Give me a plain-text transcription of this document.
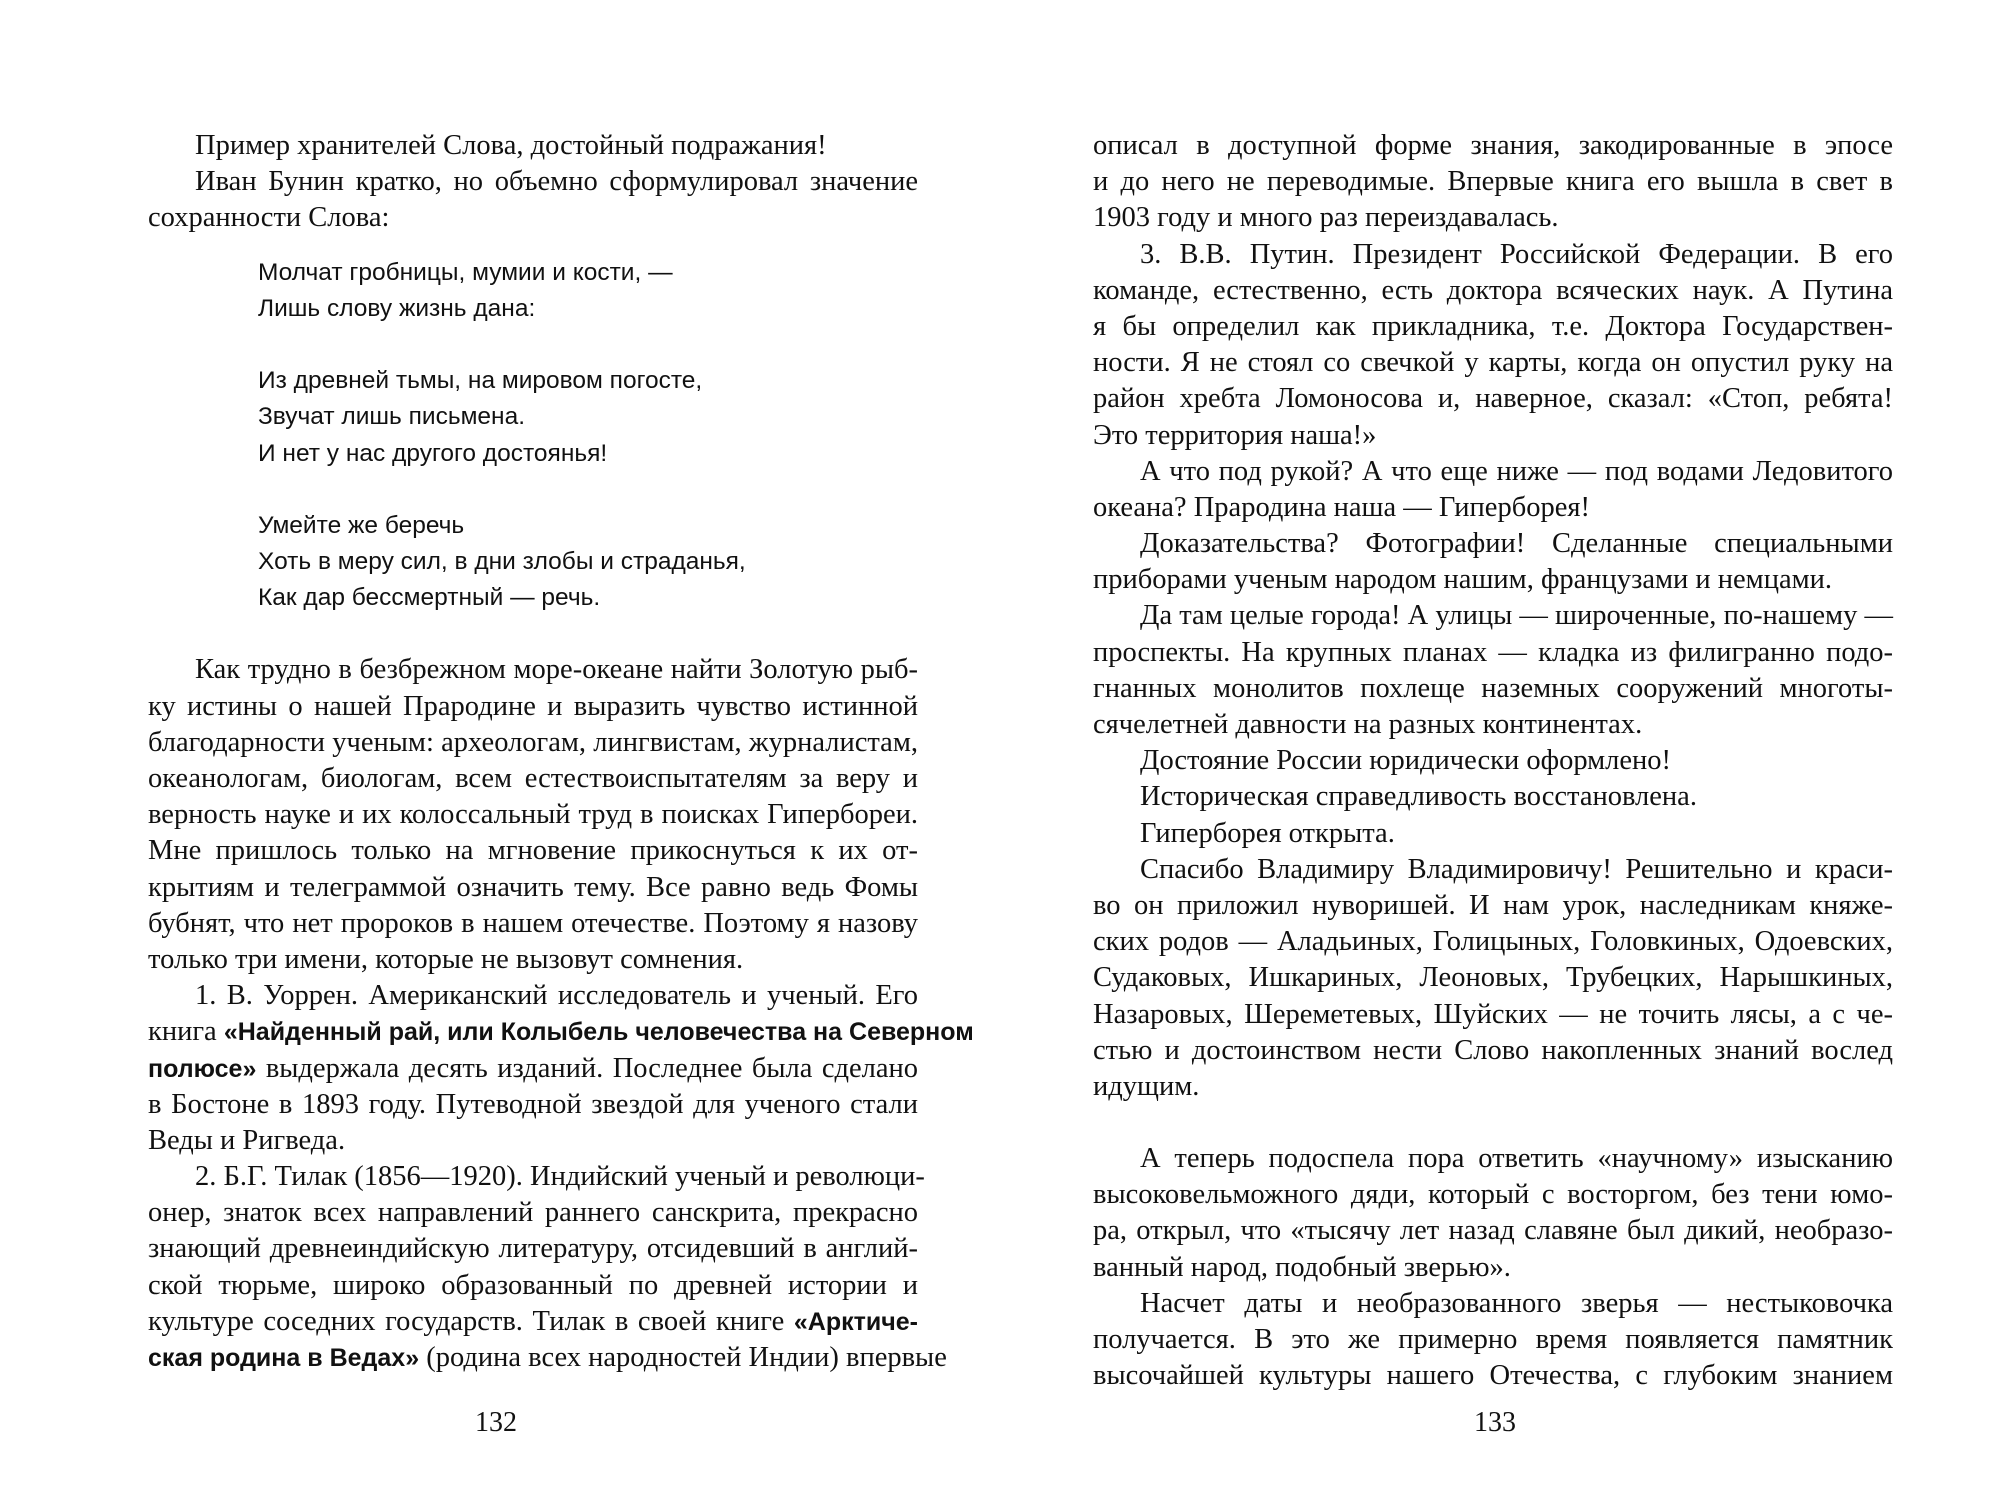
Пример хранителей Слова, достойный подражания!
Иван Бунин кратко, но объемно сформулировал значение
сохранности Слова:
Молчат гробницы, мумии и кости, —
Лишь слову жизнь дана:
Из древней тьмы, на мировом погосте,
Звучат лишь письмена.
И нет у нас другого достоянья!
Умейте же беречь
Хоть в меру сил, в дни злобы и страданья,
Как дар бессмертный — речь.
Как трудно в безбрежном море-океане найти Золотую рыб-
ку истины о нашей Прародине и выразить чувство истинной
благодарности ученым: археологам, лингвистам, журналистам,
океанологам, биологам, всем естествоиспытателям за веру и
верность науке и их колоссальный труд в поисках Гипербореи.
Мне пришлось только на мгновение прикоснуться к их от-
крытиям и телеграммой означить тему. Все равно ведь Фомы
бубнят, что нет пророков в нашем отечестве. Поэтому я назову
только три имени, которые не вызовут сомнения.
1. В. Уоррен. Американский исследователь и ученый. Его
книга «Найденный рай, или Колыбель человечества на Северном
полюсе» выдержала десять изданий. Последнее была сделано
в Бостоне в 1893 году. Путеводной звездой для ученого стали
Веды и Ригведа.
2. Б.Г. Тилак (1856—1920). Индийский ученый и революци-
онер, знаток всех направлений раннего санскрита, прекрасно
знающий древнеиндийскую литературу, отсидевший в англий-
ской тюрьме, широко образованный по древней истории и
культуре соседних государств. Тилак в своей книге «Арктиче-
ская родина в Ведах» (родина всех народностей Индии) впервые
132
описал в доступной форме знания, закодированные в эпосе
и до него не переводимые. Впервые книга его вышла в свет в
1903 году и много раз переиздавалась.
3. В.В. Путин. Президент Российской Федерации. В его
команде, естественно, есть доктора всяческих наук. А Путина
я бы определил как прикладника, т.е. Доктора Государствен-
ности. Я не стоял со свечкой у карты, когда он опустил руку на
район хребта Ломоносова и, наверное, сказал: «Стоп, ребята!
Это территория наша!»
А что под рукой? А что еще ниже — под водами Ледовитого
океана? Прародина наша — Гиперборея!
Доказательства? Фотографии! Сделанные специальными
приборами ученым народом нашим, французами и немцами.
Да там целые города! А улицы — широченные, по-нашему —
проспекты. На крупных планах — кладка из филигранно подо-
гнанных монолитов похлеще наземных сооружений многоты-
сячелетней давности на разных континентах.
Достояние России юридически оформлено!
Историческая справедливость восстановлена.
Гиперборея открыта.
Спасибо Владимиру Владимировичу! Решительно и краси-
во он приложил нуворишей. И нам урок, наследникам княже-
ских родов — Аладьиных, Голицыных, Головкиных, Одоевских,
Судаковых, Ишкариных, Леоновых, Трубецких, Нарышкиных,
Назаровых, Шереметевых, Шуйских — не точить лясы, а с че-
стью и достоинством нести Слово накопленных знаний вослед
идущим.
А теперь подоспела пора ответить «научному» изысканию
высоковельможного дяди, который с восторгом, без тени юмо-
ра, открыл, что «тысячу лет назад славяне был дикий, необразо-
ванный народ, подобный зверью».
Насчет даты и необразованного зверья — нестыковочка
получается. В это же примерно время появляется памятник
высочайшей культуры нашего Отечества, с глубоким знанием
133
